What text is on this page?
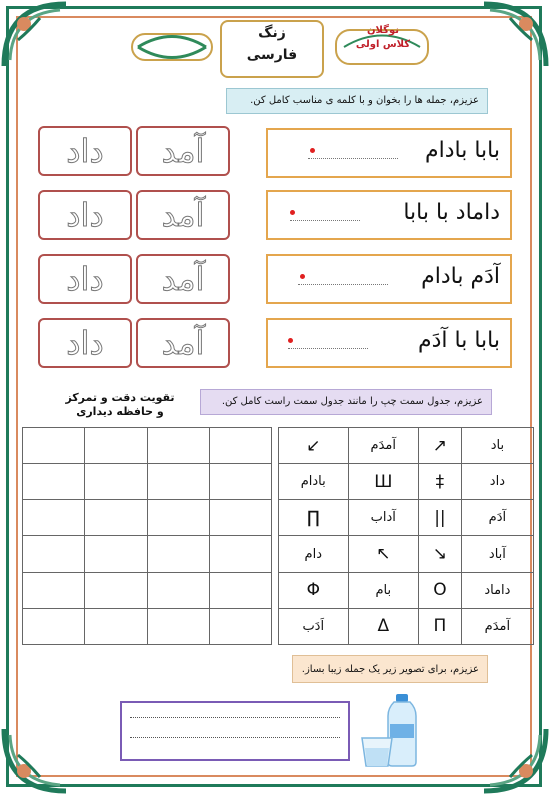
زنگ
فارسی
نوگلان
کلاس اولی
عزیزم، جمله ها را بخوان و با کلمه ی مناسب کامل کن.
بابا بادام
داماد با بابا
آدَم بادام
بابا با آدَم
آمد
داد
آمد
داد
آمد
داد
آمد
داد
تقویت دقت و تمرکز
و حافظه دیداری
عزیزم، جدول سمت چپ را مانند جدول سمت راست کامل کن.

باد	↗	آمدَم	↙
داد	‡	Ш	بادام
آدَم	||	آداب	∏
آباد	↘	↖	دام
داماد	O	بام	Φ
آمدَم	П	Δ	اَدَب
عزیزم، برای تصویر زیر یک جمله زیبا بساز.
